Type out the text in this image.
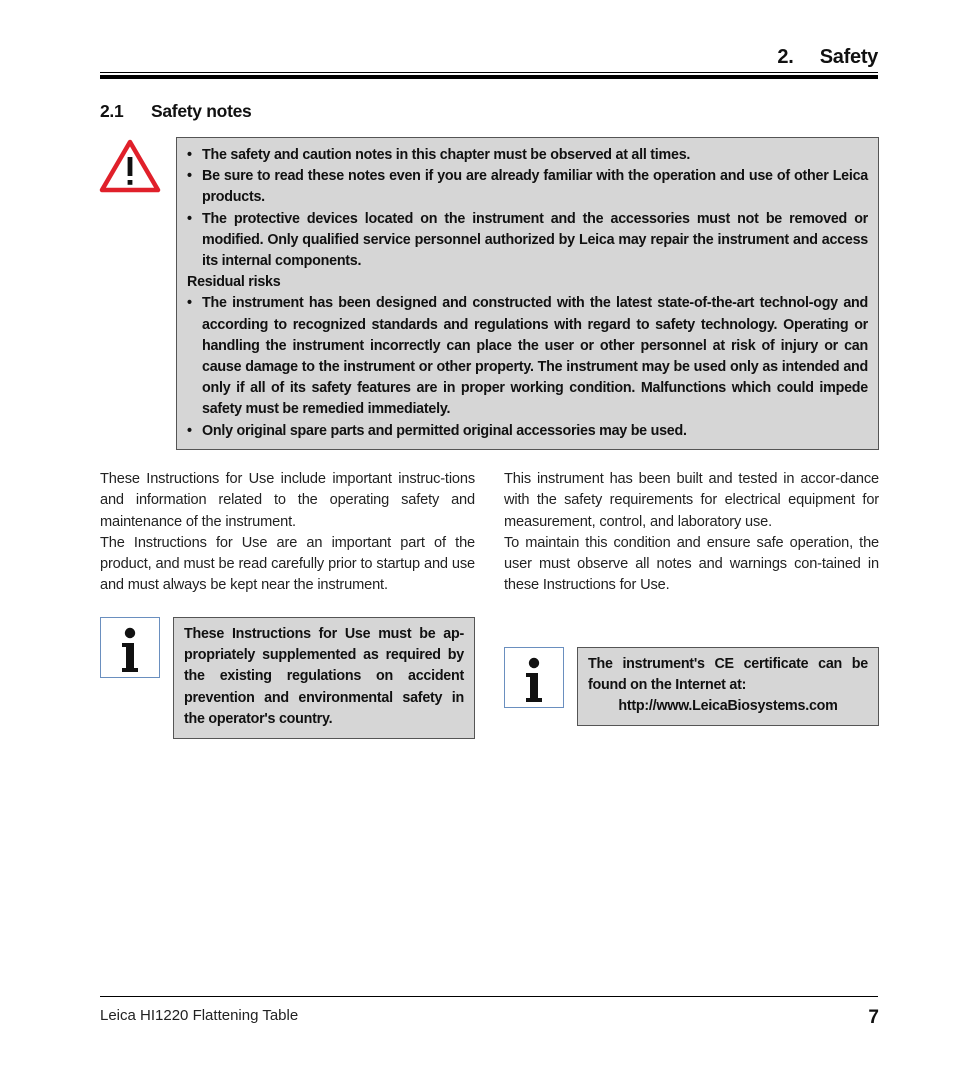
2.     Safety
2.1 Safety notes
• The safety and caution notes in this chapter must be observed at all times.
• Be sure to read these notes even if you are already familiar with the operation and use of other Leica products.
• The protective devices located on the instrument and the accessories must not be removed or modified. Only qualified service personnel authorized by Leica may repair the instrument and access its internal components.

Residual risks

• The instrument has been designed and constructed with the latest state-of-the-art technol-ogy and according to recognized standards and regulations with regard to safety technology. Operating or handling the instrument incorrectly can place the user or other personnel at risk of injury or can cause damage to the instrument or other property. The instrument may be used only as intended and only if all of its safety features are in proper working condition. Malfunctions which could impede safety must be remedied immediately.
• Only original spare parts and permitted original accessories may be used.

These Instructions for Use include important instruc-tions and information related to the operating safety and maintenance of the instrument.

The Instructions for Use are an important part of the product, and must be read carefully prior to startup and use and must always be kept near the instrument.

This instrument has been built and tested in accor-dance with the safety requirements for electrical equipment for measurement, control, and laboratory use.

To maintain this condition and ensure safe operation, the user must observe all notes and warnings con-tained in these Instructions for Use.

These Instructions for Use must be ap-propriately supplemented as required by the existing regulations on accident prevention and environmental safety in the operator's country.
The instrument's CE certificate can be found on the Internet at:
http://www.LeicaBiosystems.com
Leica HI1220 Flattening Table	7
